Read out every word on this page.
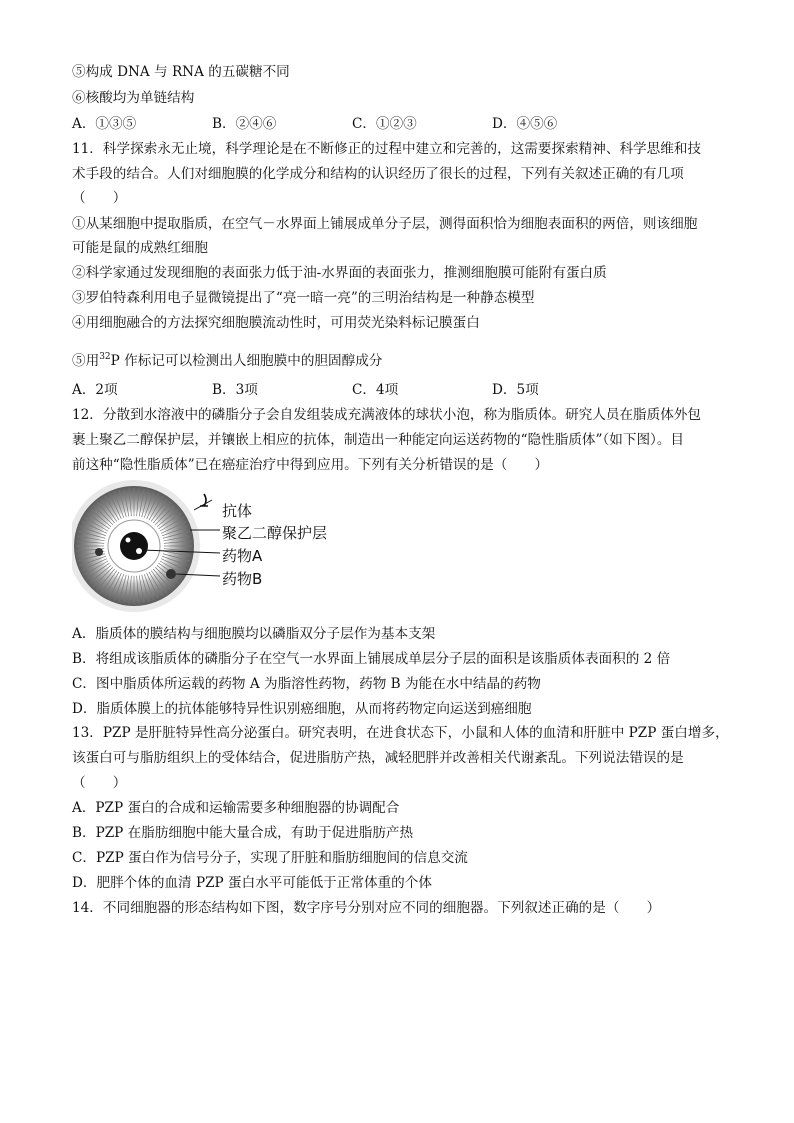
⑤构成 DNA 与 RNA 的五碳糖不同
⑥核酸均为单链结构
A．①③⑤	B．②④⑥	C．①②③	D．④⑤⑥
11．科学探索永无止境，科学理论是在不断修正的过程中建立和完善的，这需要探索精神、科学思维和技
术手段的结合。人们对细胞膜的化学成分和结构的认识经历了很长的过程，下列有关叙述正确的有几项
（　　）
①从某细胞中提取脂质，在空气－水界面上铺展成单分子层，测得面积恰为细胞表面积的两倍，则该细胞
可能是鼠的成熟红细胞
②科学家通过发现细胞的表面张力低于油-水界面的表面张力，推测细胞膜可能附有蛋白质
③罗伯特森利用电子显微镜提出了“亮一暗一亮”的三明治结构是一种静态模型
④用细胞融合的方法探究细胞膜流动性时，可用荧光染料标记膜蛋白
⑤用$^{32}$P 作标记可以检测出人细胞膜中的胆固醇成分
A．2项	B．3项	C．4项	D．5项
12．分散到水溶液中的磷脂分子会自发组装成充满液体的球状小泡，称为脂质体。研究人员在脂质体外包
裹上聚乙二醇保护层，并镶嵌上相应的抗体，制造出一种能定向运送药物的“隐性脂质体”（如下图）。目
前这种“隐性脂质体”已在癌症治疗中得到应用。下列有关分析错误的是（　　）
抗体
聚乙二醇保护层
药物A
药物B
A．脂质体的膜结构与细胞膜均以磷脂双分子层作为基本支架
B．将组成该脂质体的磷脂分子在空气一水界面上铺展成单层分子层的面积是该脂质体表面积的 2 倍
C．图中脂质体所运载的药物 A 为脂溶性药物，药物 B 为能在水中结晶的药物
D．脂质体膜上的抗体能够特异性识别癌细胞，从而将药物定向运送到癌细胞
13．PZP 是肝脏特异性高分泌蛋白。研究表明，在进食状态下，小鼠和人体的血清和肝脏中 PZP 蛋白增多，
该蛋白可与脂肪组织上的受体结合，促进脂肪产热，减轻肥胖并改善相关代谢紊乱。下列说法错误的是
（　　）
A．PZP 蛋白的合成和运输需要多种细胞器的协调配合
B．PZP 在脂肪细胞中能大量合成，有助于促进脂肪产热
C．PZP 蛋白作为信号分子，实现了肝脏和脂肪细胞间的信息交流
D．肥胖个体的血清 PZP 蛋白水平可能低于正常体重的个体
14．不同细胞器的形态结构如下图，数字序号分别对应不同的细胞器。下列叙述正确的是（　　）
